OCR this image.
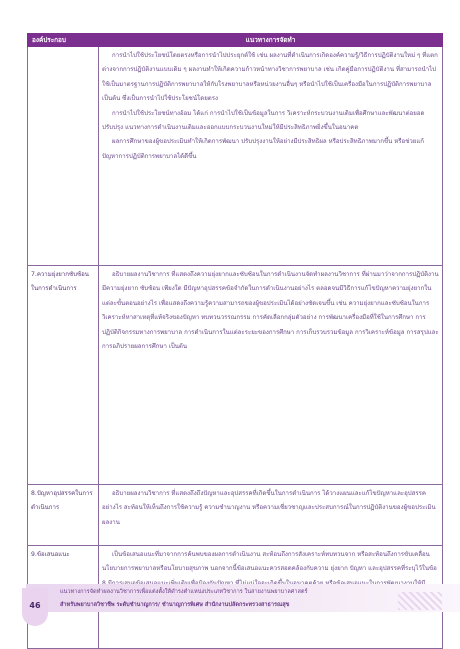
องค์ประกอบ	แนวทางการจัดทำ

	การนำไปใช้ประโยชน์โดยตรงหรือการนำไปประยุกต์ใช้ เช่น ผลงานที่ดำเนินการเกิดองค์ความรู้/วิธีการปฏิบัติงานใหม่ ๆ ที่แตกต่างจากการปฏิบัติงานแบบเดิม ๆ ผลงานทำให้เกิดความก้าวหน้าทางวิชาการพยาบาล เช่น เกิดคู่มือการปฏิบัติงาน ที่สามารถนำไปใช้เป็นมาตรฐานการปฏิบัติการพยาบาลให้กับโรงพยาบาลหรือหน่วยงานอื่นๆ หรือนำไปใช้เป็นเครื่องมือในการปฏิบัติการพยาบาล เป็นต้น ซึ่งเป็นการนำไปใช้ประโยชน์โดยตรง

การนำไปใช้ประโยชน์ทางอ้อม ได้แก่ การนำไปใช้เป็นข้อมูลในการ วิเคราะห์กระบวนงานเดิมเพื่อศึกษาและพัฒนาต่อยอด ปรับปรุง แนวทางการดำเนินงานเดิมและออกแบบกระบวนงานใหม่ให้มีประสิทธิภาพยิ่งขึ้นในอนาคต

ผลการศึกษาของผู้ขอประเมินทำให้เกิดการพัฒนา ปรับปรุงงานให้อย่างมีประสิทธิผล หรือประสิทธิภาพมากขึ้น หรือช่วยแก้ปัญหาการปฏิบัติการพยาบาลได้ดีขึ้น

7.ความยุ่งยากซับซ้อนในการดำเนินการ	อธิบายผลงานวิชาการ ที่แสดงถึงความยุ่งยากและซับซ้อนในการดำเนินงานจัดทำผลงานวิชาการ ที่ผ่านมาว่าจากการปฏิบัติงานมีความยุ่งยาก ซับซ้อน เพียงใด มีปัญหาอุปสรรคข้อจำกัดในการดำเนินงานอย่างไร ตลอดจนมีวิธีการแก้ไขปัญหาความยุ่งยากในแต่ละขั้นตอนอย่างไร เพื่อแสดงถึงความรู้ความสามารถของผู้ขอประเมินได้อย่างชัดเจนขึ้น เช่น ความยุ่งยากและซับซ้อนในการวิเคราะห์หาสาเหตุที่แท้จริงของปัญหา ทบทวนวรรณกรรม การคัดเลือกกลุ่มตัวอย่าง การพัฒนาเครื่องมือที่ใช้ในการศึกษา การปฏิบัติกิจกรรมทางการพยาบาล การดำเนินการในแต่ละระยะของการศึกษา การเก็บรวบรวมข้อมูล การวิเคราะห์ข้อมูล การสรุปและการอภิปรายผลการศึกษา เป็นต้น

8.ปัญหาอุปสรรคในการดำเนินการ	อธิบายผลงานวิชาการ ที่แสดงถึงถึงปัญหาและอุปสรรคที่เกิดขึ้นในการดำเนินการ ได้วางแผนและแก้ไขปัญหาและอุปสรรคอย่างไร สะท้อนให้เห็นถึงการใช้ความรู้ ความชำนาญงาน หรือความเชี่ยวชาญและประสบการณ์ในการปฏิบัติงานของผู้ขอประเมินผลงาน

9.ข้อเสนอแนะ	เป็นข้อเสนอแนะที่มาจากการค้นพบของผลการดำเนินงาน สะท้อนถึงการสังเคราะห์ทบทวนจาก หรือสะท้อนถึงการขับเคลื่อนนโยบายการพยาบาลหรือนโยบายสุขภาพ นอกจากนี้ข้อเสนอแนะควรสอดคล้องกับความ ยุ่งยาก ปัญหา และอุปสรรคที่ระบุไว้ในข้อ

46
แนวทางการจัดทำผลงานวิชาการเพื่อแต่งตั้งให้ดำรงตำแหน่งประเภทวิชาการ ในสายงานพยาบาลศาสตร์
สำหรับพยาบาลวิชาชีพ ระดับชำนาญการ/ ชำนาญการพิเศษ สำนักงานปลัดกระทรวงสาธารณสุข
